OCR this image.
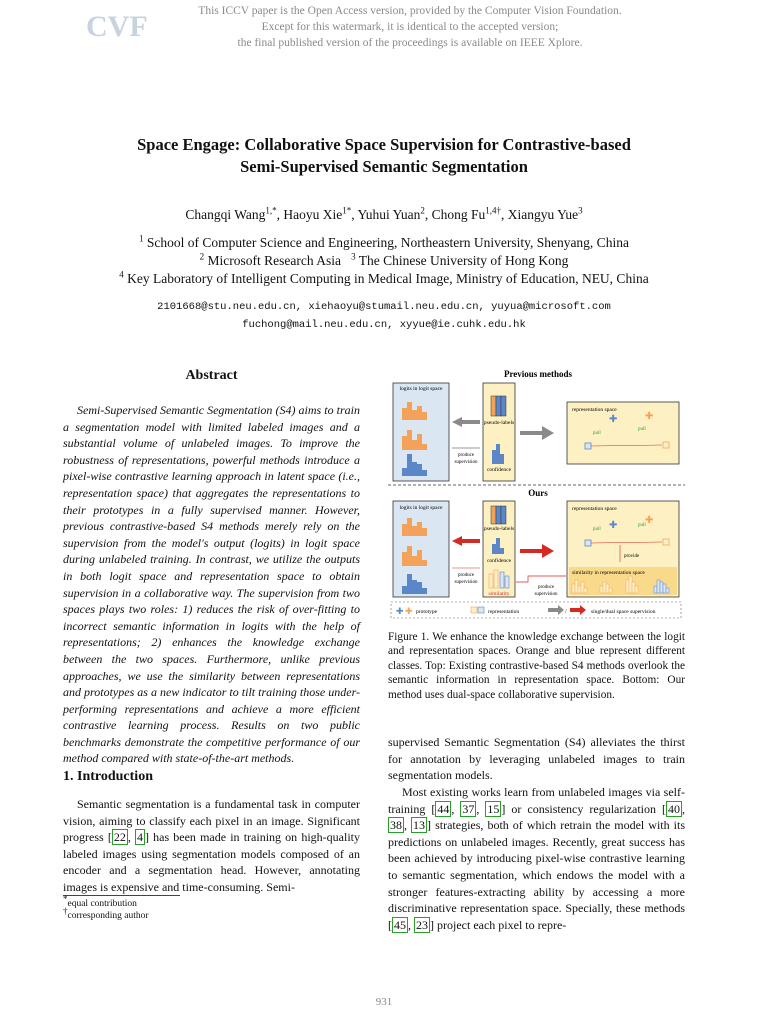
CVF	This ICCV paper is the Open Access version, provided by the Computer Vision Foundation.
Except for this watermark, it is identical to the accepted version;
the final published version of the proceedings is available on IEEE Xplore.
Space Engage: Collaborative Space Supervision for Contrastive-based
Semi-Supervised Semantic Segmentation
Changqi Wang$^{1,*}$, Haoyu Xie$^{1*}$, Yuhui Yuan$^2$, Chong $Fu^{1,4\dagger}$, Xiangyu Yue$^3$
$^1$ School of Computer Science and Engineering, Northeastern University, Shenyang, China
$^2$ Microsoft Research Asia $^3$ The Chinese University of Hong Kong
$^4$ Key Laboratory of Intelligent Computing in Medical Image, Ministry of Education, NEU, China
2101668@stu.neu.edu.cn, xiehaoyu@stumail.neu.edu.cn, yuyua@microsoft.com
fuchong@mail.neu.edu.cn, xyyue@ie.cuhk.edu.hk
Abstract
Semi-Supervised Semantic Segmentation (S4) aims to train a segmentation model with limited labeled images and a substantial volume of unlabeled images. To improve the robustness of representations, powerful methods introduce a pixel-wise contrastive learning approach in latent space (i.e., representation space) that aggregates the representations to their prototypes in a fully supervised manner. However, previous contrastive-based S4 methods merely rely on the supervision from the model's output (logits) in logit space during unlabeled training. In contrast, we utilize the outputs in both logit space and representation space to obtain supervision in a collaborative way. The supervision from two spaces plays two roles: 1) reduces the risk of over-fitting to incorrect semantic information in logits with the help of representations; 2) enhances the knowledge exchange between the two spaces. Furthermore, unlike previous approaches, we use the similarity between representations and prototypes as a new indicator to tilt training those under-performing representations and achieve a more efficient contrastive learning process. Results on two public benchmarks demonstrate the competitive performance of our method compared with state-of-the-art methods.
1. Introduction
Semantic segmentation is a fundamental task in computer vision, aiming to classify each pixel in an image. Significant progress [ 22 , 4 ] has been made in training on high-quality labeled images using segmentation models composed of an encoder and a segmentation head. However, annotating images is expensive and time-consuming. Semi-
*equal contribution
†corresponding author
Previous methods
logits in logit space
pseudo-labels
confidence
produce
supervision
representation space
pull
pull
✚	✚
Ours
logits in logit space
pseudo-labels
confidence
similarity
produce
supervision
produce
supervision
representation space
pull
pull
✚	✚
provide
similarity in representation space
✚ ✚ prototype	representation	/	single/dual space supervision
Figure 1. We enhance the knowledge exchange between the logit and representation spaces. Orange and blue represent different classes. Top: Existing contrastive-based S4 methods overlook the semantic information in representation space. Bottom: Our method uses dual-space collaborative supervision.
supervised Semantic Segmentation (S4) alleviates the thirst for annotation by leveraging unlabeled images to train segmentation models.
Most existing works learn from unlabeled images via self-training [ 44 , 37 , 15 ] or consistency regularization [ 40 , 38 , 13 ] strategies, both of which retrain the model with its predictions on unlabeled images. Recently, great success has been achieved by introducing pixel-wise contrastive learning to semantic segmentation, which endows the model with a stronger features-extracting ability by accessing a more discriminative representation space. Specially, these methods [ 45 , 23 ] project each pixel to repre-
931
